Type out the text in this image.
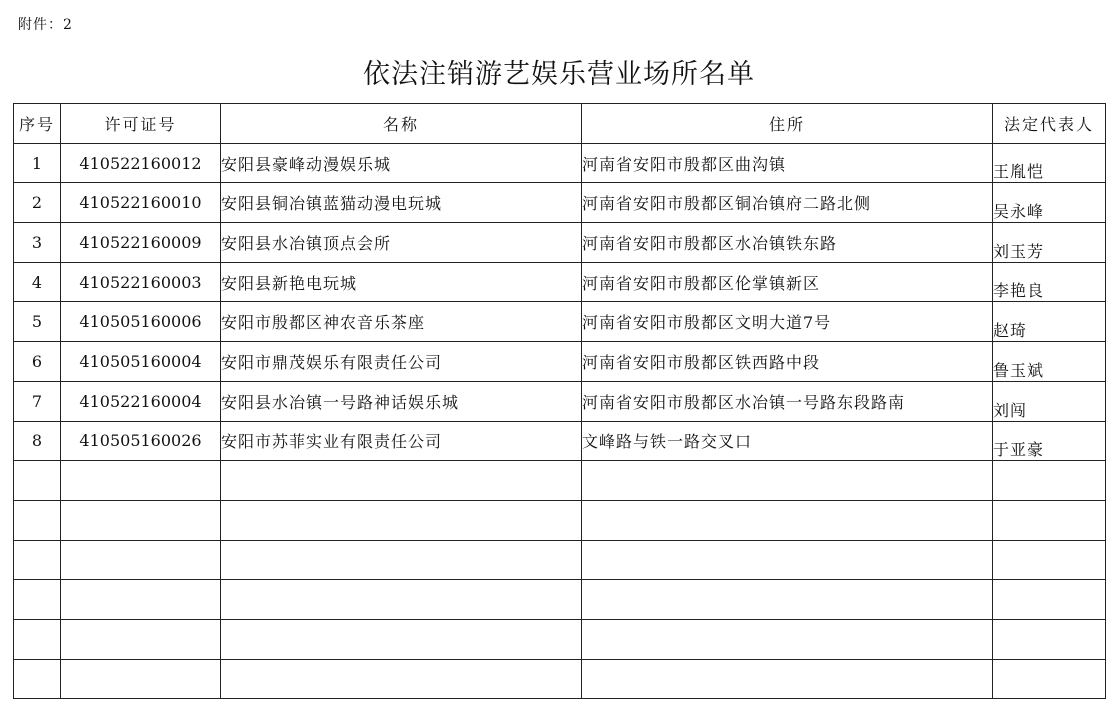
附件：2
依法注销游艺娱乐营业场所名单
序号	许可证号	名称	住所	法定代表人
1	410522160012	安阳县豪峰动漫娱乐城	河南省安阳市殷都区曲沟镇	王胤恺
2	410522160010	安阳县铜冶镇蓝猫动漫电玩城	河南省安阳市殷都区铜冶镇府二路北侧	吴永峰
3	410522160009	安阳县水冶镇顶点会所	河南省安阳市殷都区水冶镇铁东路	刘玉芳
4	410522160003	安阳县新艳电玩城	河南省安阳市殷都区伦掌镇新区	李艳良
5	410505160006	安阳市殷都区神农音乐茶座	河南省安阳市殷都区文明大道7号	赵琦
6	410505160004	安阳市鼎茂娱乐有限责任公司	河南省安阳市殷都区铁西路中段	鲁玉斌
7	410522160004	安阳县水冶镇一号路神话娱乐城	河南省安阳市殷都区水冶镇一号路东段路南	刘闯
8	410505160026	安阳市苏菲实业有限责任公司	文峰路与铁一路交叉口	于亚豪
